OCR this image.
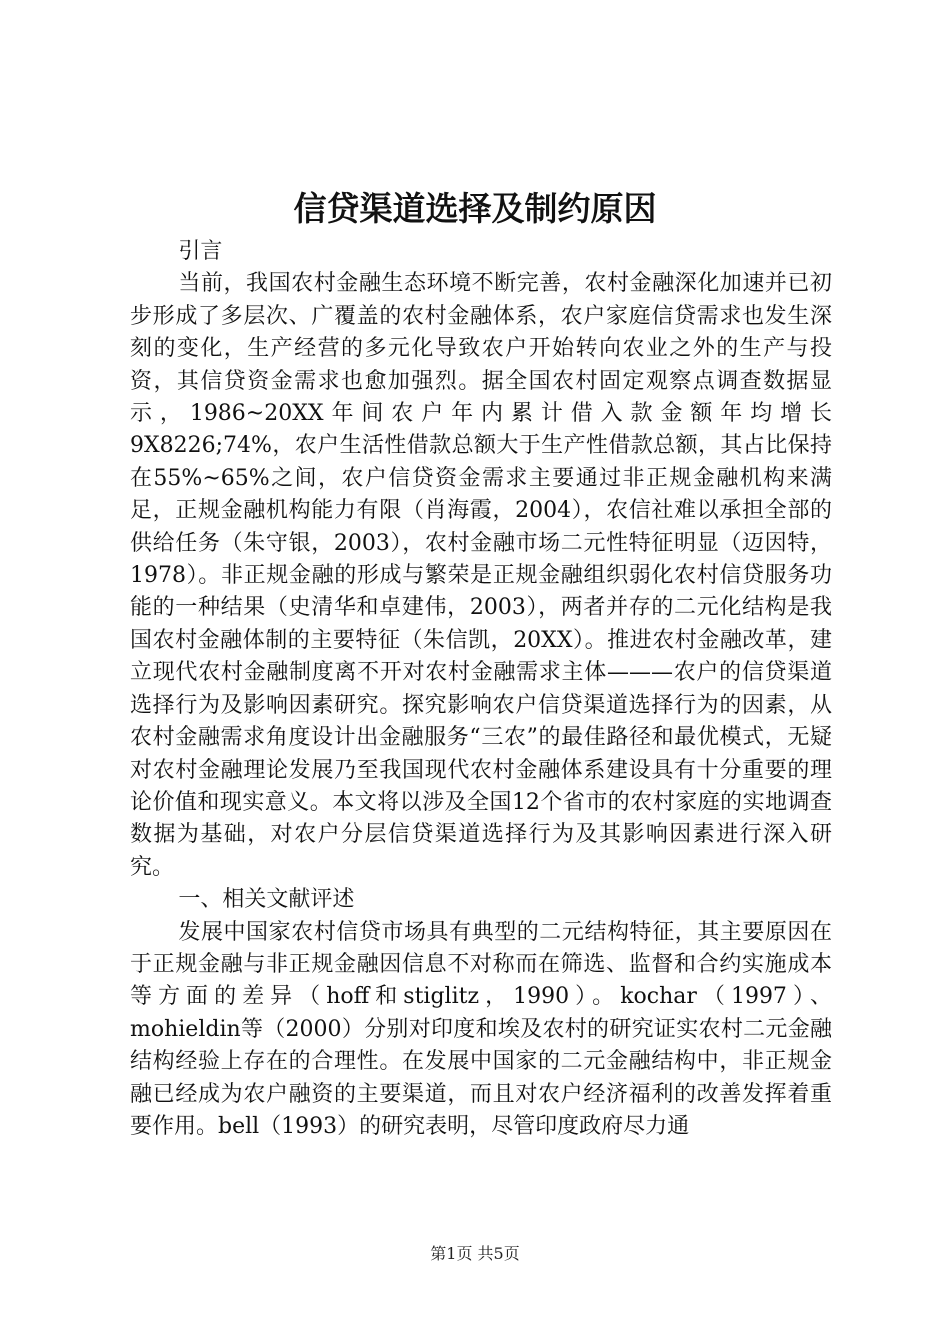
信贷渠道选择及制约原因

引言

当前，我国农村金融生态环境不断完善，农村金融深化加速并已初步形成了多层次、广覆盖的农村金融体系，农户家庭信贷需求也发生深刻的变化，生产经营的多元化导致农户开始转向农业之外的生产与投资，其信贷资金需求也愈加强烈。据全国农村固定观察点调查数据显示，1986~20XX年间农户年内累计借入款金额年均增长9X8226;74%，农户生活性借款总额大于生产性借款总额，其占比保持在55%~65%之间，农户信贷资金需求主要通过非正规金融机构来满足，正规金融机构能力有限（肖海霞，2004），农信社难以承担全部的供给任务（朱守银，2003），农村金融市场二元性特征明显（迈因特，1978）。非正规金融的形成与繁荣是正规金融组织弱化农村信贷服务功能的一种结果（史清华和卓建伟，2003），两者并存的二元化结构是我国农村金融体制的主要特征（朱信凯，20XX）。推进农村金融改革，建立现代农村金融制度离不开对农村金融需求主体———农户的信贷渠道选择行为及影响因素研究。探究影响农户信贷渠道选择行为的因素，从农村金融需求角度设计出金融服务“三农”的最佳路径和最优模式，无疑对农村金融理论发展乃至我国现代农村金融体系建设具有十分重要的理论价值和现实意义。本文将以涉及全国12个省市的农村家庭的实地调查数据为基础，对农户分层信贷渠道选择行为及其影响因素进行深入研究。

一、相关文献评述

发展中国家农村信贷市场具有典型的二元结构特征，其主要原因在于正规金融与非正规金融因信息不对称而在筛选、监督和合约实施成本等方面的差异（hoff和stiglitz，1990）。kochar（1997）、mohieldin等（2000）分别对印度和埃及农村的研究证实农村二元金融结构经验上存在的合理性。在发展中国家的二元金融结构中，非正规金融已经成为农户融资的主要渠道，而且对农户经济福利的改善发挥着重要作用。bell（1993）的研究表明，尽管印度政府尽力通

第1页 共5页
